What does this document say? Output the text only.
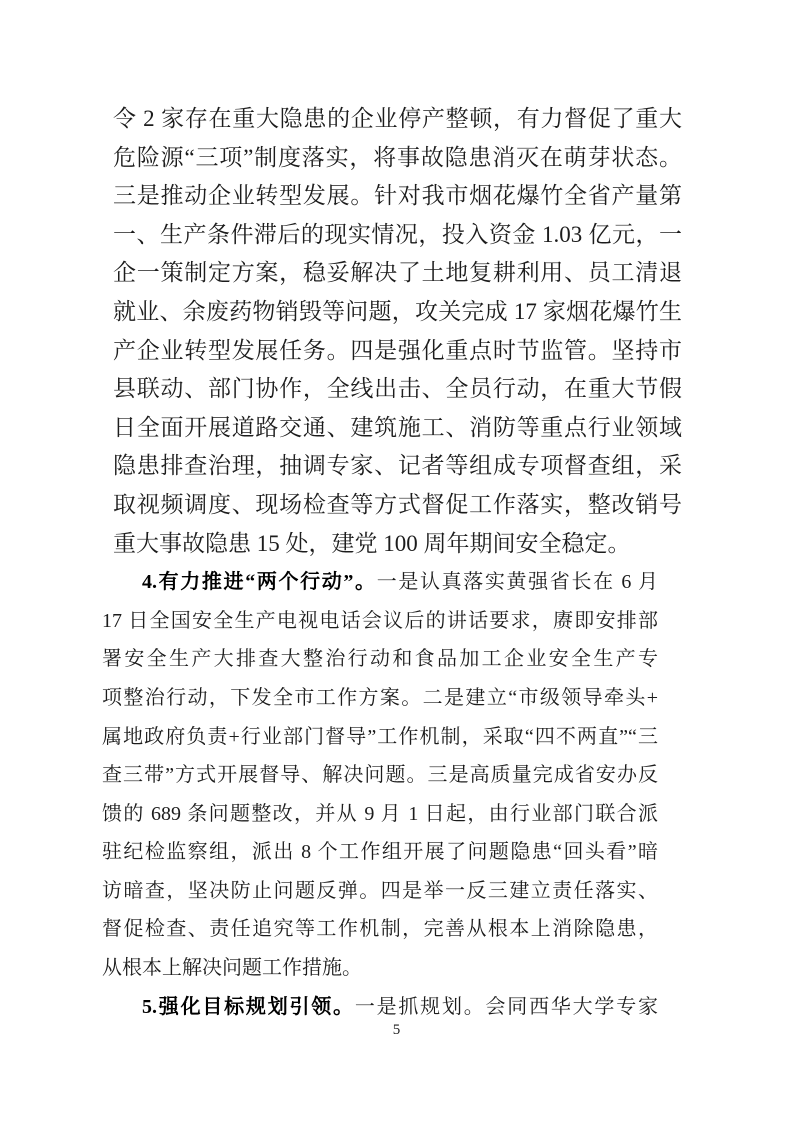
令 2 家存在重大隐患的企业停产整顿，有力督促了重大
危险源“三项”制度落实，将事故隐患消灭在萌芽状态。
三是推动企业转型发展。针对我市烟花爆竹全省产量第
一、生产条件滞后的现实情况，投入资金 1.03 亿元，一
企一策制定方案，稳妥解决了土地复耕利用、员工清退
就业、余废药物销毁等问题，攻关完成 17 家烟花爆竹生
产企业转型发展任务。四是强化重点时节监管。坚持市
县联动、部门协作，全线出击、全员行动，在重大节假
日全面开展道路交通、建筑施工、消防等重点行业领域
隐患排查治理，抽调专家、记者等组成专项督查组，采
取视频调度、现场检查等方式督促工作落实，整改销号
重大事故隐患 15 处，建党 100 周年期间安全稳定。
4.有力推进“两个行动”。一是认真落实黄强省长在 6 月
17 日全国安全生产电视电话会议后的讲话要求，赓即安排部
署安全生产大排查大整治行动和食品加工企业安全生产专
项整治行动，下发全市工作方案。二是建立“市级领导牵头+
属地政府负责+行业部门督导”工作机制，采取“四不两直”“三
查三带”方式开展督导、解决问题。三是高质量完成省安办反
馈的 689 条问题整改，并从 9 月 1 日起，由行业部门联合派
驻纪检监察组，派出 8 个工作组开展了问题隐患“回头看”暗
访暗查，坚决防止问题反弹。四是举一反三建立责任落实、
督促检查、责任追究等工作机制，完善从根本上消除隐患，
从根本上解决问题工作措施。
5.强化目标规划引领。一是抓规划。会同西华大学专家
5
